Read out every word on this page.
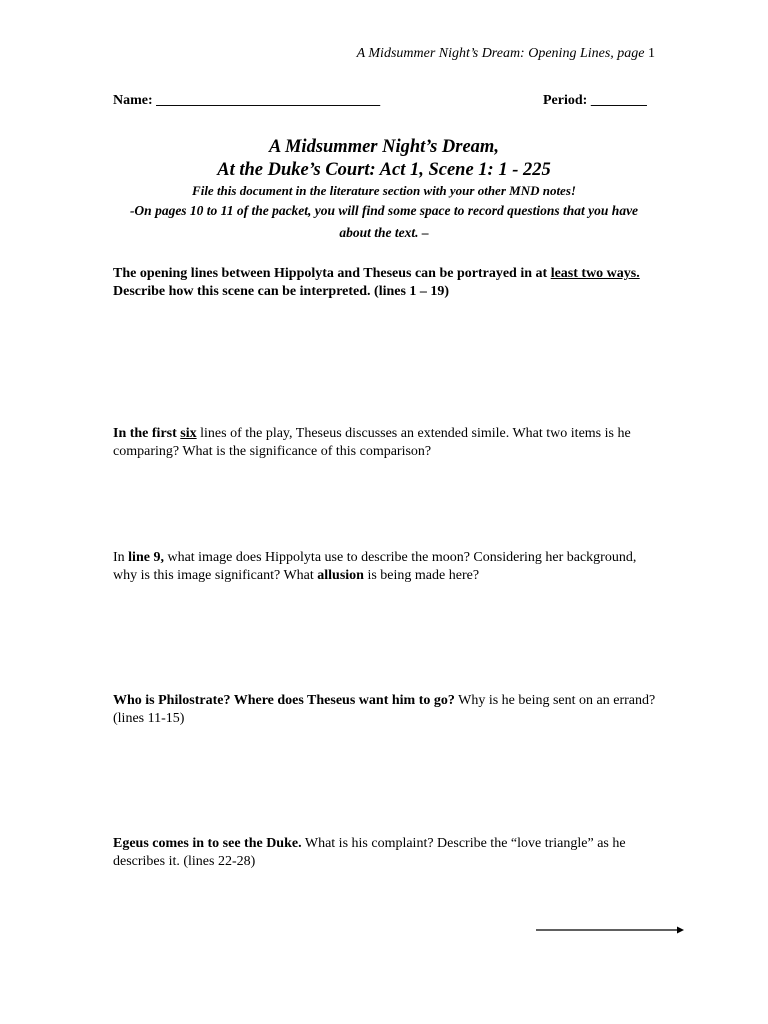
A Midsummer Night’s Dream: Opening Lines, page 1
Name: ________________________________	Period: ________
A Midsummer Night’s Dream,
At the Duke’s Court: Act 1, Scene 1: 1 - 225
File this document in the literature section with your other MND notes!
-On pages 10 to 11 of the packet, you will find some space to record questions that you have about the text. –
The opening lines between Hippolyta and Theseus can be portrayed in at least two ways. Describe how this scene can be interpreted. (lines 1 – 19)
In the first six lines of the play, Theseus discusses an extended simile. What two items is he comparing? What is the significance of this comparison?
In line 9, what image does Hippolyta use to describe the moon? Considering her background, why is this image significant? What allusion is being made here?
Who is Philostrate? Where does Theseus want him to go? Why is he being sent on an errand? (lines 11-15)
Egeus comes in to see the Duke. What is his complaint? Describe the “love triangle” as he describes it. (lines 22-28)
